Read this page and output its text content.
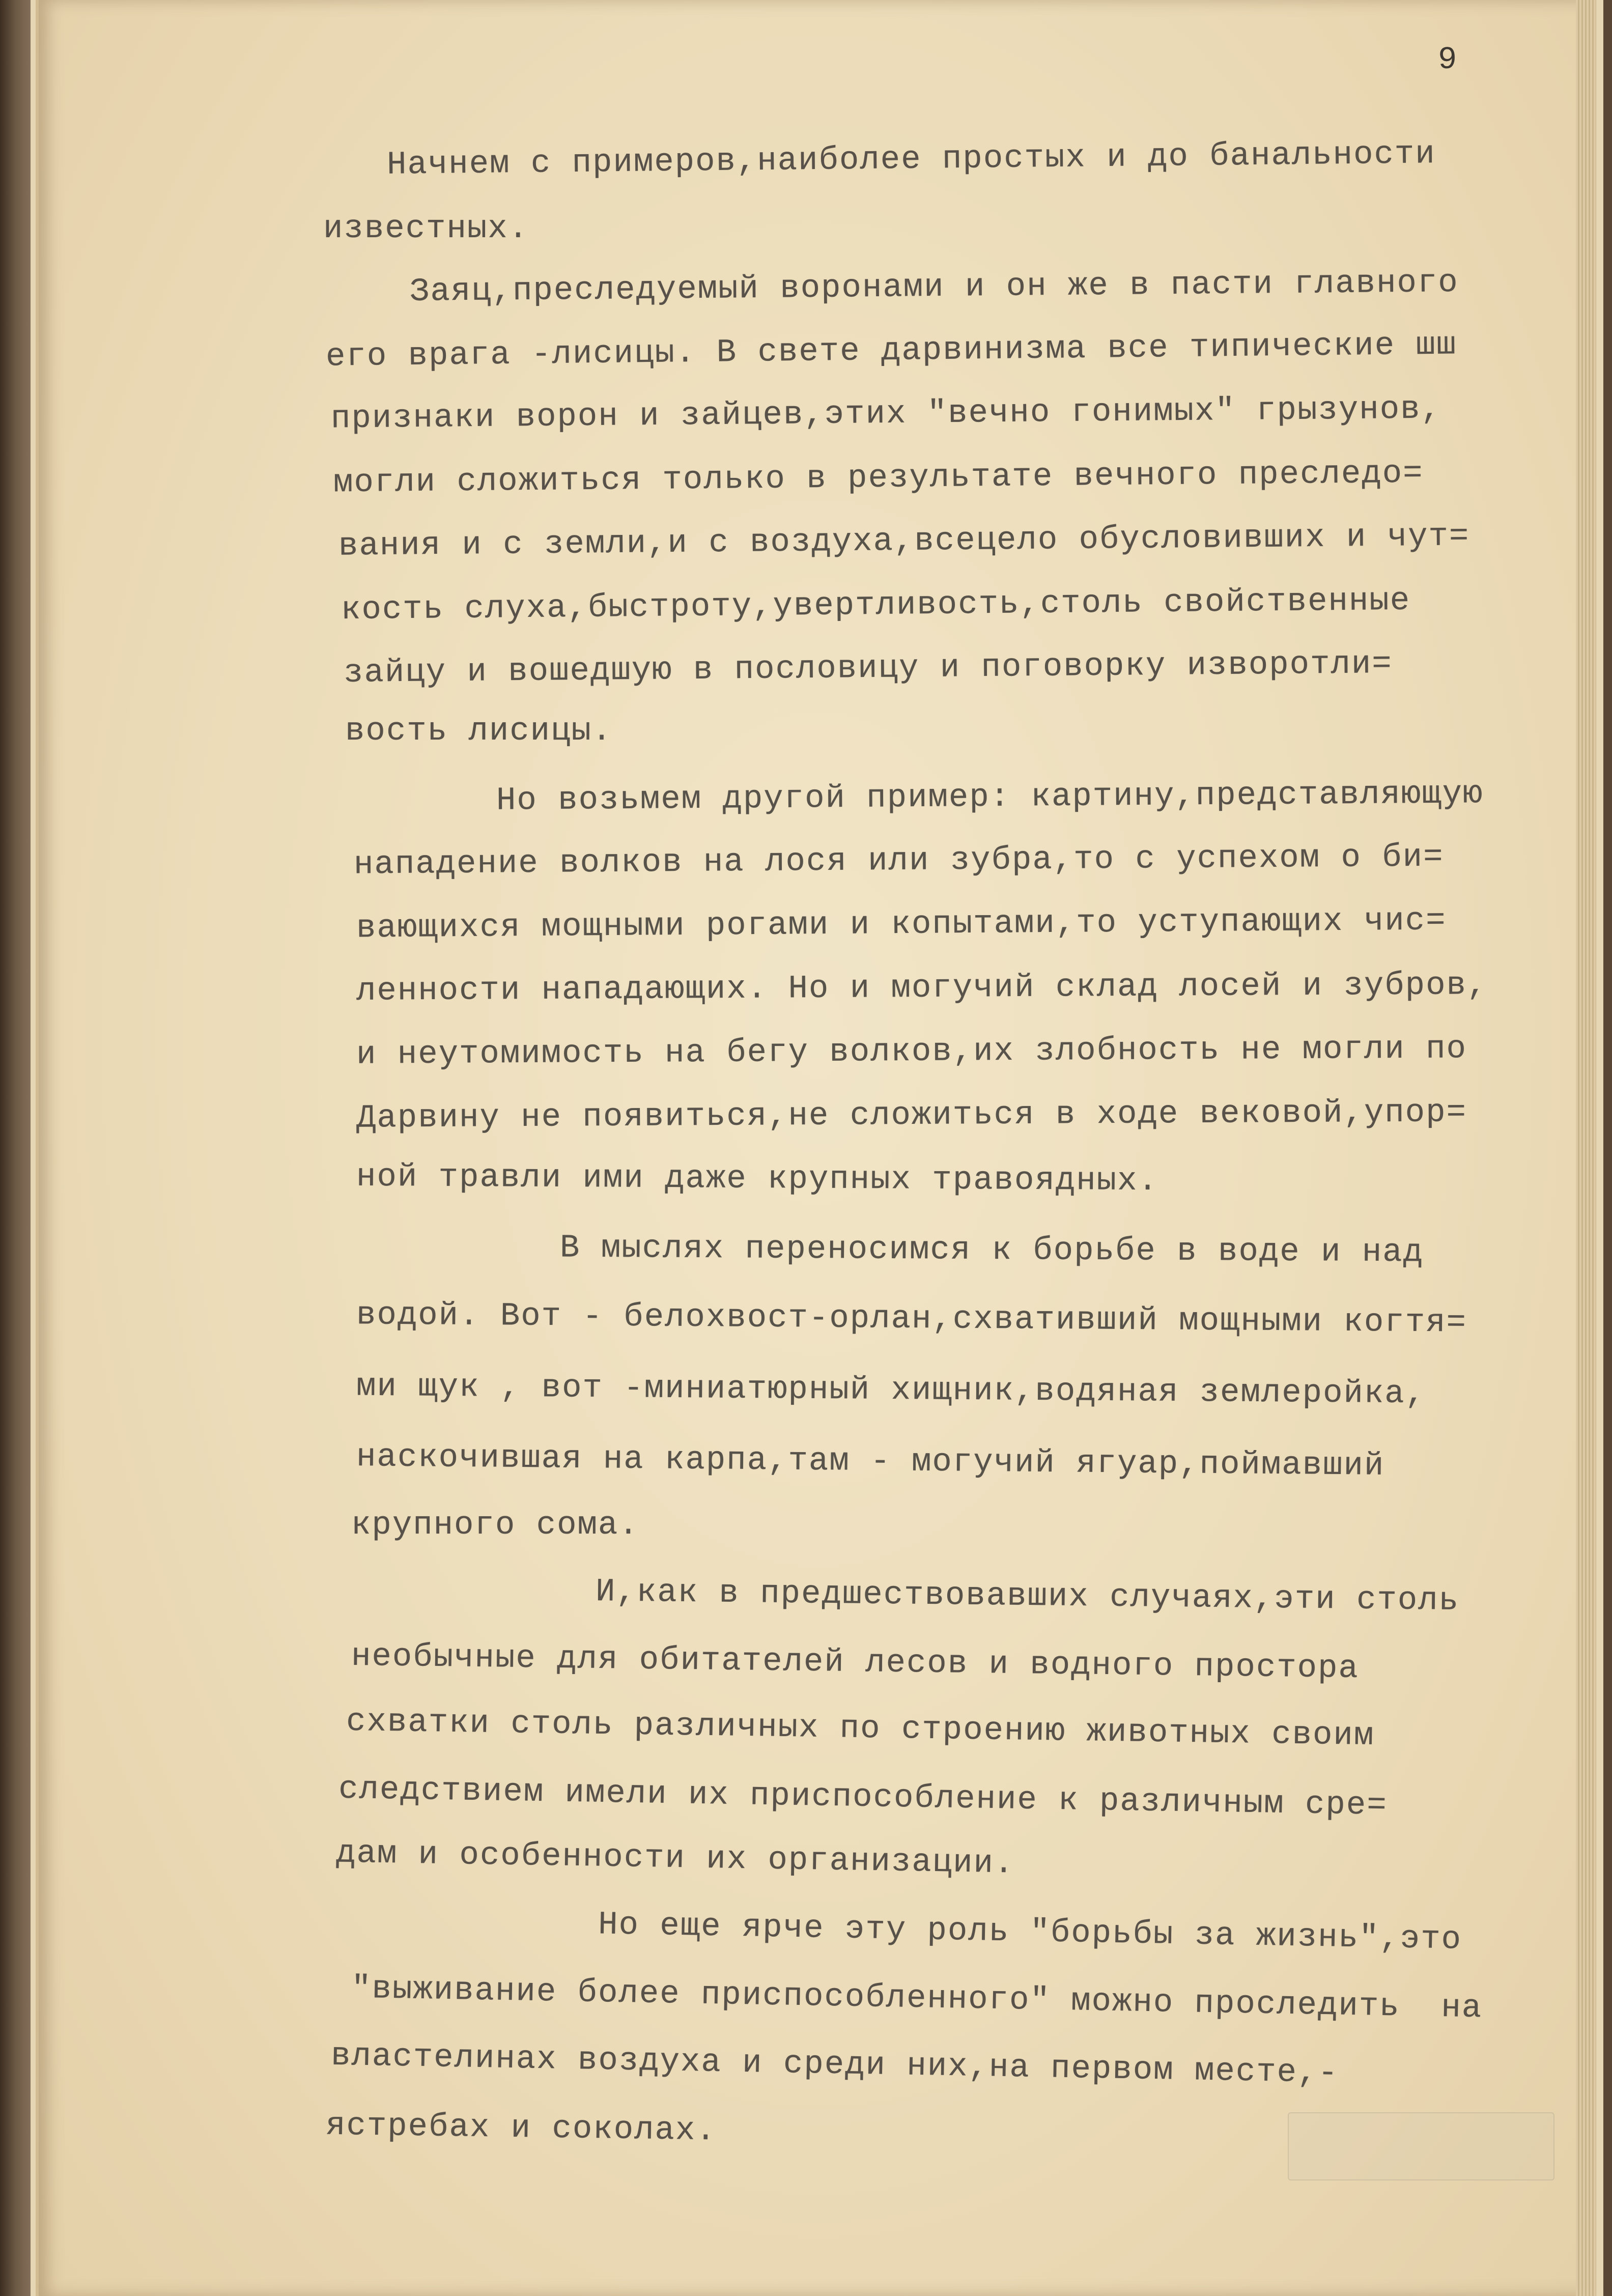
9
Начнем с примеров,наиболее простых и до банальности
известных.
Заяц,преследуемый воронами и он же в пасти главного
его врага -лисицы. В свете дарвинизма все типические шш
признаки ворон и зайцев,этих "вечно гонимых" грызунов,
могли сложиться только в результате вечного преследо=
вания и с земли,и с воздуха,всецело обусловивших и чут=
кость слуха,быстроту,увертливость,столь свойственные
зайцу и вошедшую в пословицу и поговорку изворотли=
вость лисицы.
Но возьмем другой пример: картину,представляющую
нападение волков на лося или зубра,то с успехом о би=
вающихся мощными рогами и копытами,то уступающих чис=
ленности нападающих. Но и могучий склад лосей и зубров,
и неутомимость на бегу волков,их злобность не могли по
Дарвину не появиться,не сложиться в ходе вековой,упор=
ной травли ими даже крупных травоядных.
В мыслях переносимся к борьбе в воде и над
водой. Вот - белохвост-орлан,схвативший мощными когтя=
ми щук , вот -миниатюрный хищник,водяная землеройка,
наскочившая на карпа,там - могучий ягуар,поймавший
крупного сома.
И,как в предшествовавших случаях,эти столь
необычные для обитателей лесов и водного простора
схватки столь различных по строению животных своим
следствием имели их приспособление к различным сре=
дам и особенности их организации.
Но еще ярче эту роль "борьбы за жизнь",это
"выживание более приспособленного" можно проследить  на
властелинах воздуха и среди них,на первом месте,-
ястребах и соколах.
